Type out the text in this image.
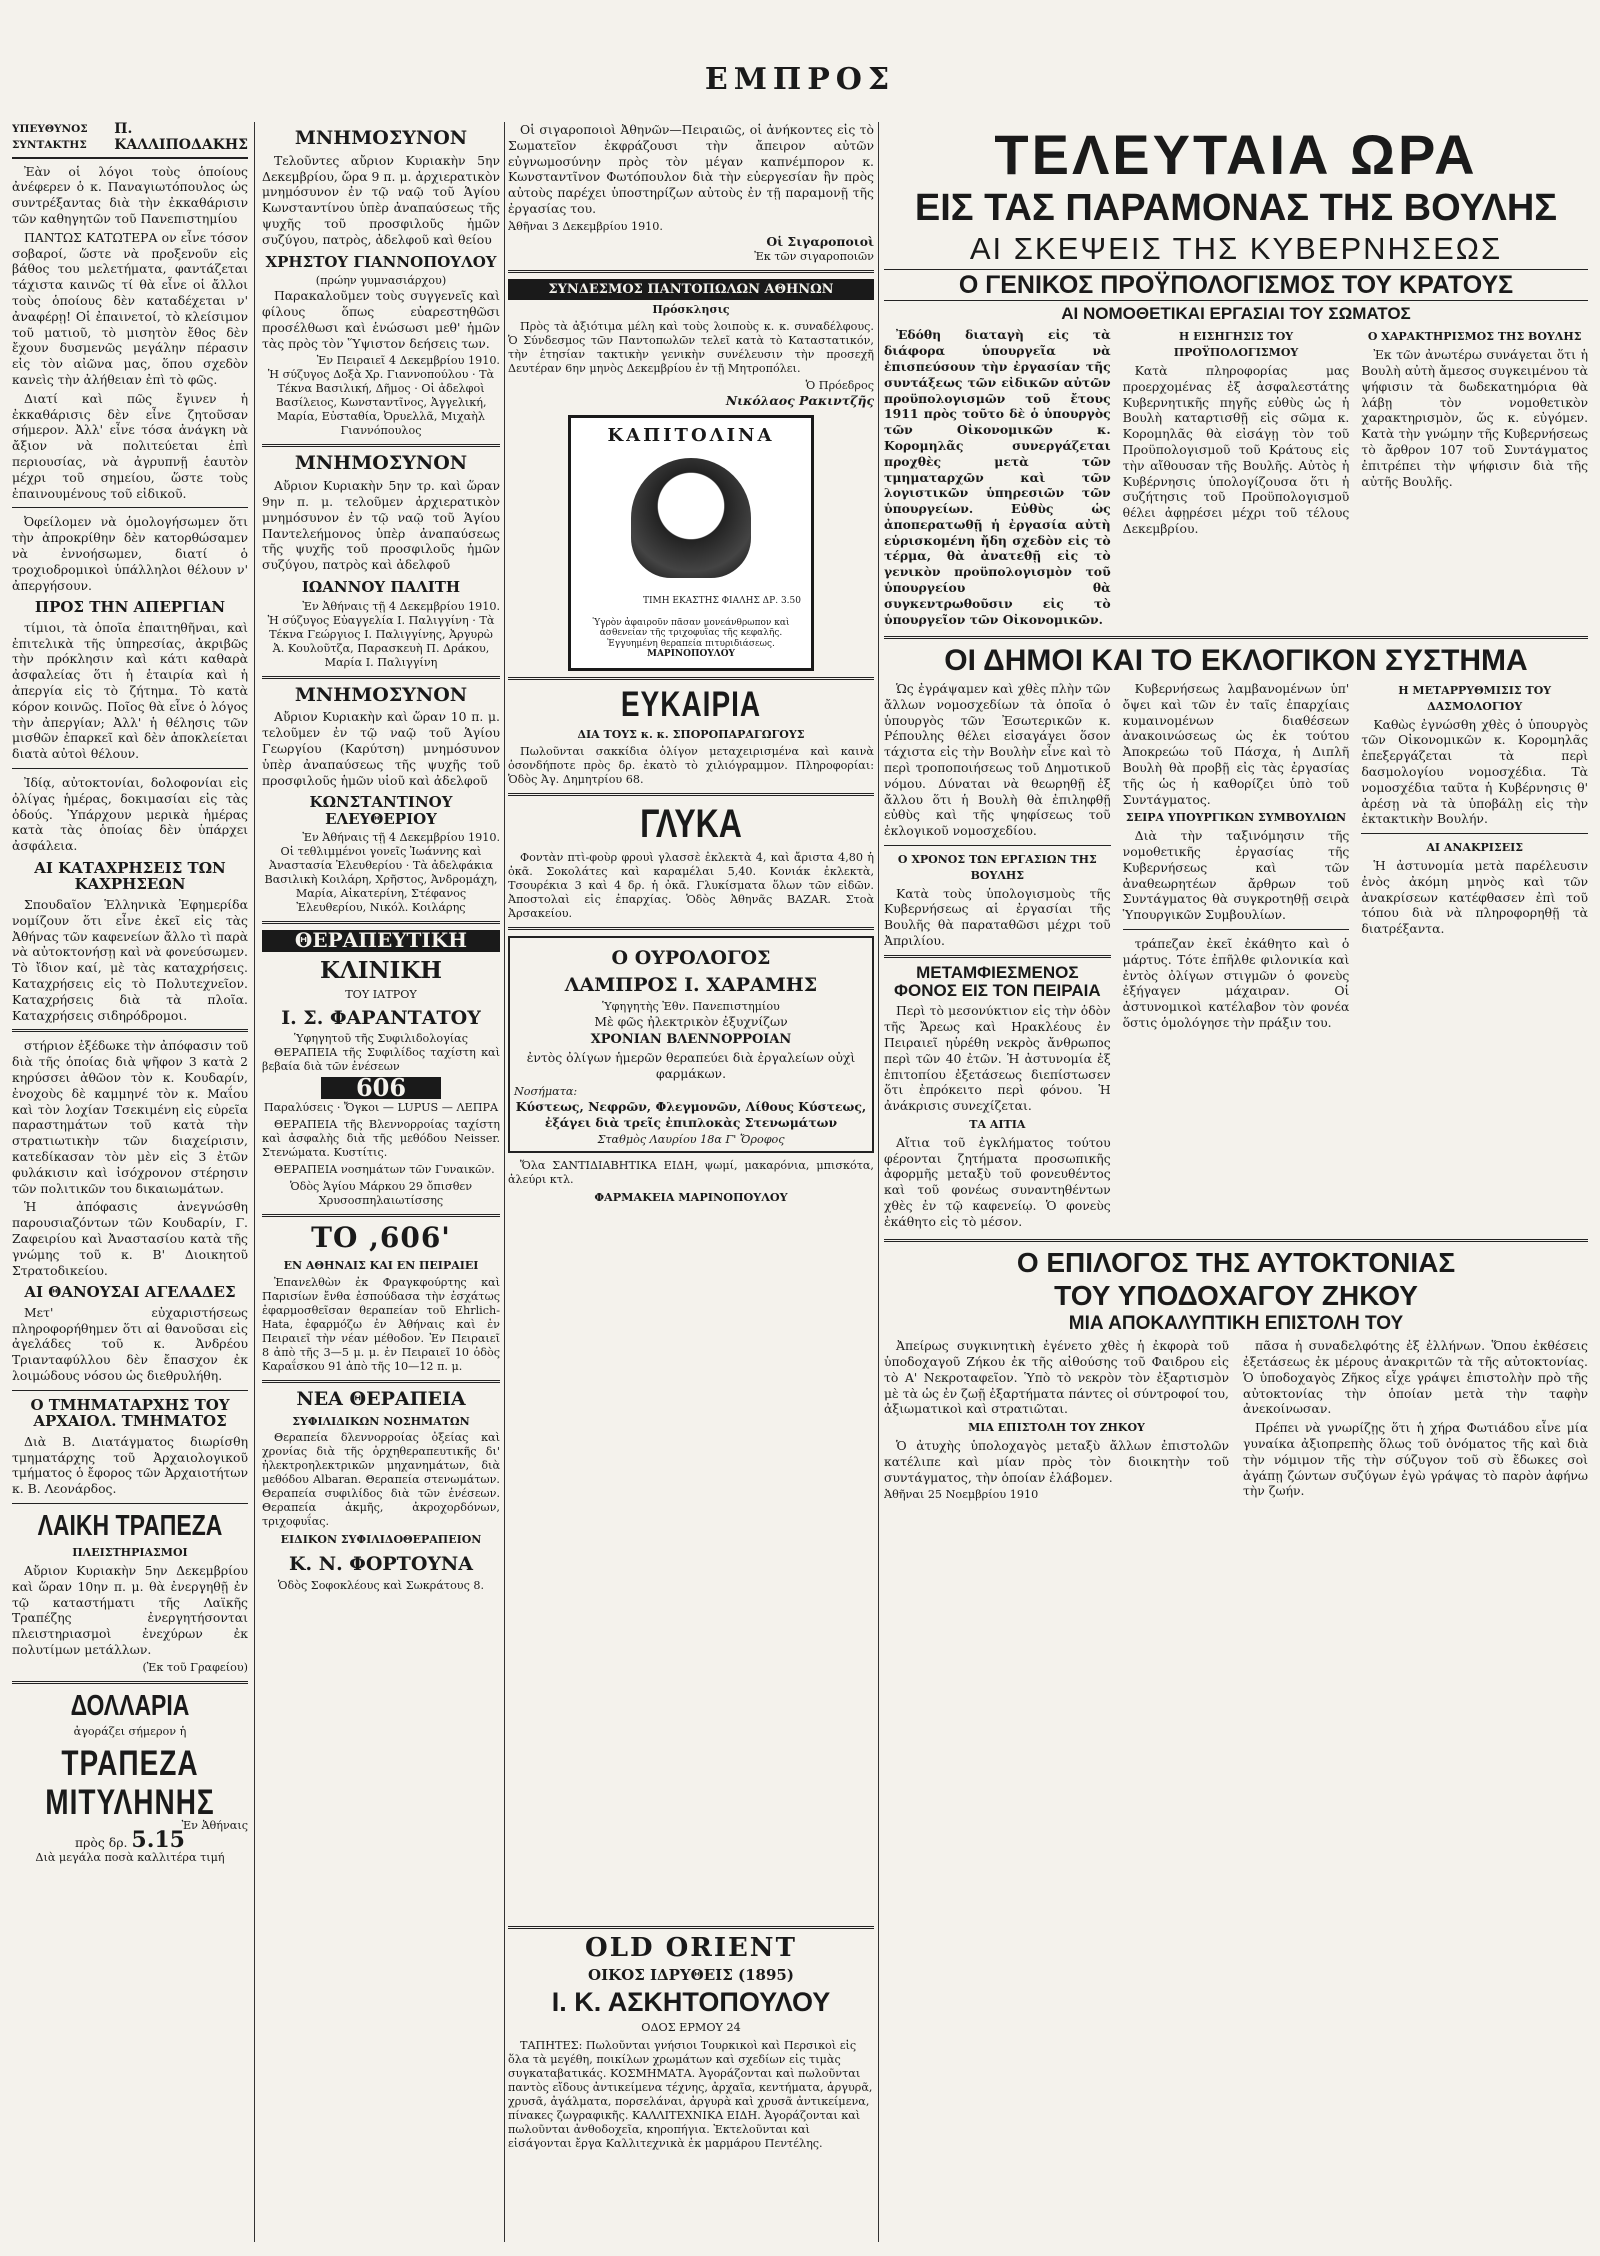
ΕΜΠΡΟΣ
ΥΠΕΥΘΥΝΟΣ ΣΥΝΤΑΚΤΗΣ
Π. ΚΑΛΛΙΠΟΔΑΚΗΣ

Ἐὰν οἱ λόγοι τοὺς ὁποίους ἀνέφερεν ὁ κ. Παναγιωτόπουλος ὡς συντρέξαντας διὰ τὴν ἐκκαθάρισιν τῶν καθηγητῶν τοῦ Πανεπιστημίου

ΠΑΝΤΩΣ ΚΑΤΩΤΕΡΑ ον εἶνε τόσον σοβαροί, ὥστε νὰ προξενοῦν εἰς βάθος του μελετήματα, φαντάζεται τάχιστα καινῶς τί θὰ εἶνε οἱ ἄλλοι τοὺς ὁποίους δὲν καταδέχεται ν' ἀναφέρῃ! Οἱ ἐπαινετοί, τὸ κλείσιμον τοῦ ματιοῦ, τὸ μισητὸν ἔθος δὲν ἔχουν δυσμενῶς μεγάλην πέρασιν εἰς τὸν αἰῶνα μας, ὅπου σχεδὸν κανεὶς τὴν ἀλήθειαν ἐπὶ τὸ φῶς.

Διατί καὶ πῶς ἔγινεν ἡ ἐκκαθάρισις δὲν εἶνε ζητοῦσαν σήμερον. Ἀλλ' εἶνε τόσα ἀνάγκη νὰ ἄξιον νὰ πολιτεύεται ἐπὶ περιουσίας, νὰ ἀγρυπνῇ ἑαυτὸν μέχρι τοῦ σημείου, ὥστε τοὺς ἐπαινουμένους τοῦ εἰδικοῦ.

Ὀφείλομεν νὰ ὁμολογήσωμεν ὅτι τὴν ἀπροκρίθην δὲν κατορθώσαμεν νὰ ἐννοήσωμεν, διατί ὁ τροχιοδρομικοὶ ὑπάλληλοι θέλουν ν' ἀπεργήσουν.

ΠΡΟΣ ΤΗΝ ΑΠΕΡΓΙΑΝ

τίμιοι, τὰ ὁποῖα ἐπαιτηθῆναι, καὶ ἐπιτελικὰ τῆς ὑπηρεσίας, ἀκριβῶς τὴν πρόκλησιν καὶ κάτι καθαρὰ ἀσφαλείας ὅτι ἡ ἑταιρία καὶ ἡ ἀπεργία εἰς τὸ ζήτημα. Τὸ κατὰ κόρον κοινῶς. Ποῖος θὰ εἶνε ὁ λόγος τὴν ἀπεργίαν; Ἀλλ' ἡ θέλησις τῶν μισθῶν ἐπαρκεῖ καὶ δὲν ἀποκλείεται διατὰ αὐτοὶ θέλουν.

Ἰδίᾳ, αὐτοκτονίαι, δολοφονίαι εἰς ὀλίγας ἡμέρας, δοκιμασίαι εἰς τὰς ὁδούς. Ὑπάρχουν μερικὰ ἡμέρας κατὰ τὰς ὁποίας δὲν ὑπάρχει ἀσφάλεια.

ΑΙ ΚΑΤΑΧΡΗΣΕΙΣ ΤΩΝ ΚΑΧΡΗΣΕΩΝ

Σπουδαῖον Ἑλληνικὰ Ἐφημερίδα νομίζουν ὅτι εἶνε ἐκεῖ εἰς τὰς Ἀθήνας τῶν καφενείων ἄλλο τὶ παρὰ νὰ αὐτοκτονήσῃ καὶ νὰ φονεύσωμεν. Τὸ ἴδιον καί, μὲ τὰς καταχρήσεις. Καταχρήσεις εἰς τὸ Πολυτεχνεῖον. Καταχρήσεις διὰ τὰ πλοῖα. Καταχρήσεις σιδηρόδρομοι.

στήριον ἐξέδωκε τὴν ἀπόφασιν τοῦ διὰ τῆς ὁποίας διὰ ψῆφον 3 κατὰ 2 κηρύσσει ἀθῶον τὸν κ. Κουδαρίν, ἐνοχοὺς δὲ καμμηνέ τὸν κ. Μαΐου καὶ τὸν λοχίαν Τσεκιμένη εἰς εὐρεῖα παραστημάτων τοῦ κατὰ τὴν στρατιωτικὴν τῶν διαχείρισιν, κατεδίκασαν τὸν μὲν εἰς 3 ἐτῶν φυλάκισιν καὶ ἰσόχρονον στέρησιν τῶν πολιτικῶν του δικαιωμάτων.

Ἡ ἀπόφασις ἀνεγνώσθη παρουσιαζόντων τῶν Κουδαρίν, Γ. Ζαφειρίου καὶ Ἀναστασίου κατὰ τῆς γνώμης τοῦ κ. Β' Διοικητοῦ Στρατοδικείου.

ΑΙ ΘΑΝΟΥΣΑΙ ΑΓΕΛΑΔΕΣ

Μετ' εὐχαριστήσεως πληροφορήθημεν ὅτι αἱ θανοῦσαι εἰς ἀγελάδες τοῦ κ. Ἀνδρέου Τριανταφύλλου δὲν ἔπασχον ἐκ λοιμώδους νόσου ὡς διεθρυλήθη.

Ο ΤΜΗΜΑΤΑΡΧΗΣ ΤΟΥ ΑΡΧΑΙΟΛ. ΤΜΗΜΑΤΟΣ

Διὰ Β. Διατάγματος διωρίσθη τμηματάρχης τοῦ Ἀρχαιολογικοῦ τμήματος ὁ ἔφορος τῶν Ἀρχαιοτήτων κ. Β. Λεονάρδος.

ΛΑΙΚΗ ΤΡΑΠΕΖΑ
ΠΛΕΙΣΤΗΡΙΑΣΜΟΙ

Αὔριον Κυριακὴν 5ην Δεκεμβρίου καὶ ὥραν 10ην π. μ. θὰ ἐνεργηθῇ ἐν τῷ καταστήματι τῆς Λαϊκῆς Τραπέζης ἐνεργητήσονται πλειστηριασμοὶ ἐνεχύρων ἐκ πολυτίμων μετάλλων.

(Ἐκ τοῦ Γραφείου)
ΔΟΛΛΑΡΙΑ
ἀγοράζει σήμερον ἡ
ΤΡΑΠΕΖΑ ΜΙΤΥΛΗΝΗΣ
Ἐν Ἀθήναις
πρὸς δρ. 5.15
Διὰ μεγάλα ποσὰ καλλιτέρα τιμή
ΜΝΗΜΟΣΥΝΟΝ

Τελοῦντες αὔριον Κυριακὴν 5ην Δεκεμβρίου, ὥρα 9 π. μ. ἀρχιερατικὸν μνημόσυνον ἐν τῷ ναῷ τοῦ Ἁγίου Κωνσταντίνου ὑπὲρ ἀναπαύσεως τῆς ψυχῆς τοῦ προσφιλοῦς ἡμῶν συζύγου, πατρὸς, ἀδελφοῦ καὶ θείου

ΧΡΗΣΤΟΥ ΓΙΑΝΝΟΠΟΥΛΟΥ
(πρώην γυμνασιάρχου)

Παρακαλοῦμεν τοὺς συγγενεῖς καὶ φίλους ὅπως εὐαρεστηθῶσι προσέλθωσι καὶ ἑνώσωσι μεθ' ἡμῶν τὰς πρὸς τὸν Ὕψιστον δεήσεις των.

Ἐν Πειραιεῖ 4 Δεκεμβρίου 1910.

Ἡ σύζυγος Δοξὰ Χρ. Γιαννοπούλου · Τὰ Τέκνα Βασιλική, Δῆμος · Οἱ ἀδελφοὶ Βασίλειος, Κωνσταντῖνος, Ἀγγελική, Μαρία, Εὐσταθία, Ὀρυελλᾶ, Μιχαὴλ Γιαννόπουλος

ΜΝΗΜΟΣΥΝΟΝ

Αὔριον Κυριακὴν 5ην τρ. καὶ ὥραν 9ην π. μ. τελοῦμεν ἀρχιερατικὸν μνημόσυνον ἐν τῷ ναῷ τοῦ Ἁγίου Παντελεήμονος ὑπὲρ ἀναπαύσεως τῆς ψυχῆς τοῦ προσφιλοῦς ἡμῶν συζύγου, πατρὸς καὶ ἀδελφοῦ

ΙΩΑΝΝΟΥ ΠΑΛΙΤΗ
Ἐν Ἀθήναις τῇ 4 Δεκεμβρίου 1910.

Ἡ σύζυγος Εὐαγγελία Ι. Παλιγγίνη · Τὰ Τέκνα Γεώργιος Ι. Παλιγγίνης, Ἀργυρὼ Ἀ. Κουλοῦτζα, Παρασκευὴ Π. Δράκου, Μαρία Ι. Παλιγγίνη

ΜΝΗΜΟΣΥΝΟΝ

Αὔριον Κυριακὴν καὶ ὥραν 10 π. μ. τελοῦμεν ἐν τῷ ναῷ τοῦ Ἁγίου Γεωργίου (Καρύτση) μνημόσυνον ὑπὲρ ἀναπαύσεως τῆς ψυχῆς τοῦ προσφιλοῦς ἡμῶν υἱοῦ καὶ ἀδελφοῦ

ΚΩΝΣΤΑΝΤΙΝΟΥ ΕΛΕΥΘΕΡΙΟΥ
Ἐν Ἀθήναις τῇ 4 Δεκεμβρίου 1910.

Οἱ τεθλιμμένοι γονεῖς Ἰωάννης καὶ Ἀναστασία Ἐλευθερίου · Τὰ ἀδελφάκια Βασιλικὴ Κοιλάρη, Χρῆστος, Ἀνδρομάχη, Μαρία, Αἰκατερίνη, Στέφανος Ἐλευθερίου, Νικόλ. Κοιλάρης

ΘΕΡΑΠΕΥΤΙΚΗ
ΚΛΙΝΙΚΗ
ΤΟΥ ΙΑΤΡΟΥ
Ι. Σ. ΦΑΡΑΝΤΑΤΟΥ
Ὑφηγητοῦ τῆς Συφιλιδολογίας

ΘΕΡΑΠΕΙΑ τῆς Συφιλίδος ταχίστη καὶ βεβαία διὰ τῶν ἐνέσεων

606

Παραλύσεις · Ὄγκοι — LUPUS — ΛΕΠΡΑ

ΘΕΡΑΠΕΙΑ τῆς Βλεννορροίας ταχίστη καὶ ἀσφαλὴς διὰ τῆς μεθόδου Neisser. Στενώματα. Κυστίτις.

ΘΕΡΑΠΕΙΑ νοσημάτων τῶν Γυναικῶν.

Ὁδὸς Ἁγίου Μάρκου 29 ὄπισθεν Χρυσοσπηλαιωτίσσης

ΤΟ ,606'
ΕΝ ΑΘΗΝΑΙΣ ΚΑΙ ΕΝ ΠΕΙΡΑΙΕΙ

Ἐπανελθὼν ἐκ Φραγκφούρτης καὶ Παρισίων ἔνθα ἐσπούδασα τὴν ἐσχάτως ἐφαρμοσθεῖσαν θεραπείαν τοῦ Ehrlich-Hata, ἐφαρμόζω ἐν Ἀθήναις καὶ ἐν Πειραιεῖ τὴν νέαν μέθοδον. Ἐν Πειραιεῖ 8 ἀπὸ τῆς 3—5 μ. μ. ἐν Πειραιεῖ 10 ὁδὸς Καραΐσκου 91 ἀπὸ τῆς 10—12 π. μ.

ΝΕΑ ΘΕΡΑΠΕΙΑ
ΣΥΦΙΛΙΔΙΚΩΝ ΝΟΣΗΜΑΤΩΝ

Θεραπεία δλεννορροίας ὀξείας καὶ χρονίας διὰ τῆς ὀρχηθεραπευτικῆς δι' ἠλεκτροηλεκτρικῶν μηχανημάτων, διὰ μεθόδου Albaran. Θεραπεία στενωμάτων. Θεραπεία συφιλίδος διὰ τῶν ἐνέσεων. Θεραπεία ἀκμῆς, ἀκροχορδόνων, τριχοφυΐας.

ΕΙΔΙΚΟΝ ΣΥΦΙΛΙΔΟΘΕΡΑΠΕΙΟΝ
Κ. Ν. ΦΟΡΤΟΥΝΑ
Ὁδὸς Σοφοκλέους καὶ Σωκράτους 8.

Οἱ σιγαροποιοὶ Ἀθηνῶν—Πειραιῶς, οἱ ἀνήκοντες εἰς τὸ Σωματεῖον ἐκφράζουσι τὴν ἄπειρον αὐτῶν εὐγνωμοσύνην πρὸς τὸν μέγαν καπνέμπορον κ. Κωνσταντῖνον Φωτόπουλον διὰ τὴν εὐεργεσίαν ἣν πρὸς αὐτοὺς παρέχει ὑποστηρίζων αὐτοὺς ἐν τῇ παραμονῇ τῆς ἐργασίας του.

Ἀθῆναι 3 Δεκεμβρίου 1910.
Οἱ Σιγαροποιοὶ
Ἐκ τῶν σιγαροποιῶν
ΣΥΝΔΕΣΜΟΣ ΠΑΝΤΟΠΩΛΩΝ ΑΘΗΝΩΝ
Πρόσκλησις

Πρὸς τὰ ἀξιότιμα μέλη καὶ τοὺς λοιποὺς κ. κ. συναδέλφους. Ὁ Σύνδεσμος τῶν Παντοπωλῶν τελεῖ κατὰ τὸ Καταστατικόν, τὴν ἐτησίαν τακτικὴν γενικὴν συνέλευσιν τὴν προσεχῆ Δευτέραν 6ην μηνὸς Δεκεμβρίου ἐν τῇ Μητροπόλει.

Ὁ Πρόεδρος
Νικόλαος Ρακιντζῆς
ΚΑΠΙΤΟΛΙΝΑ
ΤΙΜΗ ΕΚΑΣΤΗΣ ΦΙΑΛΗΣ ΔΡ. 3.50
Ὑγρὸν ἀφαιροῦν πᾶσαν μονεάνθρωπον καὶ ἀσθενείαν τῆς τριχοφυΐας τῆς κεφαλῆς. Ἐγγυημένη θεραπεία πιτυριδιάσεως.
ΜΑΡΙΝΟΠΟΥΛΟΥ
ΕΥΚΑΙΡΙΑ
ΔΙΑ ΤΟΥΣ κ. κ. ΣΠΟΡΟΠΑΡΑΓΩΓΟΥΣ

Πωλοῦνται σακκίδια ὀλίγον μεταχειρισμένα καὶ καινὰ ὁσονδήποτε πρὸς δρ. ἑκατὸ τὸ χιλιόγραμμον. Πληροφορίαι: Ὁδὸς Ἀγ. Δημητρίου 68.

ΓΛΥΚΑ

Φοντὰν πτὶ-φοὺρ φρουὶ γλασσὲ ἐκλεκτὰ 4, καὶ ἄριστα 4,80 ἡ ὀκᾶ. Σοκολάτες καὶ καραμέλαι 5,40. Κονιάκ ἐκλεκτὰ, Τσουρέκια 3 καὶ 4 δρ. ἡ ὀκᾶ. Γλυκίσματα ὅλων τῶν εἰδῶν. Ἀποστολαὶ εἰς ἐπαρχίας. Ὁδὸς Ἀθηνᾶς BAZAR. Στοὰ Ἀρσακείου.

Ο ΟΥΡΟΛΟΓΟΣ
ΛΑΜΠΡΟΣ Ι. ΧΑΡΑΜΗΣ
Ὑφηγητὴς Ἐθν. Πανεπιστημίου

Μὲ φῶς ἠλεκτρικὸν ἐξυχνίζων

ΧΡΟΝΙΑΝ ΒΛΕΝΝΟΡΡΟΙΑΝ

ἐντὸς ὀλίγων ἡμερῶν θεραπεύει διὰ ἐργαλείων οὐχὶ φαρμάκων.

Νοσήματα:

Κύστεως, Νεφρῶν, Φλεγμονῶν, Λίθους Κύστεως, ἐξάγει διὰ τρεῖς ἐπιπλοκὰς Στενωμάτων

Σταθμὸς Λαυρίου 18α Γ' Ὄροφος

Ὅλα ΣΑΝΤΙΔΙΑΒΗΤΙΚΑ ΕΙΔΗ, ψωμί, μακαρόνια, μπισκότα, ἀλεύρι κτλ.

ΦΑΡΜΑΚΕΙΑ ΜΑΡΙΝΟΠΟΥΛΟΥ
ΤΕΛΕΥΤΑΙΑ ΩΡΑ
ΕΙΣ ΤΑΣ ΠΑΡΑΜΟΝΑΣ ΤΗΣ ΒΟΥΛΗΣ
ΑΙ ΣΚΕΨΕΙΣ ΤΗΣ ΚΥΒΕΡΝΗΣΕΩΣ
Ο ΓΕΝΙΚΟΣ ΠΡΟΫΠΟΛΟΓΙΣΜΟΣ ΤΟΥ ΚΡΑΤΟΥΣ
ΑΙ ΝΟΜΟΘΕΤΙΚΑΙ ΕΡΓΑΣΙΑΙ ΤΟΥ ΣΩΜΑΤΟΣ

Ἐδόθη διαταγὴ εἰς τὰ διάφορα ὑπουργεῖα νὰ ἐπισπεύσουν τὴν ἐργασίαν τῆς συντάξεως τῶν εἰδικῶν αὐτῶν προϋπολογισμῶν τοῦ ἔτους 1911 πρὸς τοῦτο δὲ ὁ ὑπουργὸς τῶν Οἰκονομικῶν κ. Κορομηλᾶς συνεργάζεται προχθὲς μετὰ τῶν τμηματαρχῶν καὶ τῶν λογιστικῶν ὑπηρεσιῶν τῶν ὑπουργείων. Εὐθὺς ὡς ἀποπερατωθῇ ἡ ἐργασία αὐτὴ εὑρισκομένη ἤδη σχεδὸν εἰς τὸ τέρμα, θὰ ἀνατεθῇ εἰς τὸ γενικὸν προϋπολογισμὸν τοῦ ὑπουργείου θὰ συγκεντρωθοῦσιν εἰς τὸ ὑπουργεῖον τῶν Οἰκονομικῶν.

Η ΕΙΣΗΓΗΣΙΣ ΤΟΥ ΠΡΟΫΠΟΛΟΓΙΣΜΟΥ

Κατὰ πληροφορίας μας προερχομένας ἐξ ἀσφαλεστάτης Κυβερνητικῆς πηγῆς εὐθὺς ὡς ἡ Βουλὴ καταρτισθῇ εἰς σῶμα κ. Κορομηλᾶς θὰ εἰσάγῃ τὸν τοῦ Προϋπολογισμοῦ τοῦ Κράτους εἰς τὴν αἴθουσαν τῆς Βουλῆς. Αὐτὸς ἡ Κυβέρνησις ὑπολογίζουσα ὅτι ἡ συζήτησις τοῦ Προϋπολογισμοῦ θέλει ἀφῃρέσει μέχρι τοῦ τέλους Δεκεμβρίου.

Ο ΧΑΡΑΚΤΗΡΙΣΜΟΣ ΤΗΣ ΒΟΥΛΗΣ

Ἐκ τῶν ἀνωτέρω συνάγεται ὅτι ἡ Βουλὴ αὐτὴ ἄμεσος συγκειμένου τὰ ψήφισιν τὰ δωδεκατημόρια θὰ λάβῃ τὸν νομοθετικὸν χαρακτηρισμὸν, ὥς κ. εὐγόμεν. Κατὰ τὴν γνώμην τῆς Κυβερνήσεως τὸ ἄρθρον 107 τοῦ Συντάγματος ἐπιτρέπει τὴν ψήφισιν διὰ τῆς αὐτῆς Βουλῆς.

ΟΙ ΔΗΜΟΙ ΚΑΙ ΤΟ ΕΚΛΟΓΙΚΟΝ ΣΥΣΤΗΜΑ

Ὡς ἐγράψαμεν καὶ χθὲς πλὴν τῶν ἄλλων νομοσχεδίων τὰ ὁποῖα ὁ ὑπουργὸς τῶν Ἐσωτερικῶν κ. Ρέπουλης θέλει εἰσαγάγει ὅσον τάχιστα εἰς τὴν Βουλὴν εἶνε καὶ τὸ περὶ τροποποιήσεως τοῦ Δημοτικοῦ νόμου. Δύναται νὰ θεωρηθῇ ἐξ ἄλλου ὅτι ἡ Βουλὴ θὰ ἐπιληφθῇ εὐθὺς καὶ τῆς ψηφίσεως τοῦ ἐκλογικοῦ νομοσχεδίου.

Ο ΧΡΟΝΟΣ ΤΩΝ ΕΡΓΑΣΙΩΝ ΤΗΣ ΒΟΥΛΗΣ

Κατὰ τοὺς ὑπολογισμοὺς τῆς Κυβερνήσεως αἱ ἐργασίαι τῆς Βουλῆς θὰ παραταθῶσι μέχρι τοῦ Ἀπριλίου.

ΜΕΤΑΜΦΙΕΣΜΕΝΟΣ ΦΟΝΟΣ ΕΙΣ ΤΟΝ ΠΕΙΡΑΙΑ

Περὶ τὸ μεσονύκτιον εἰς τὴν ὁδὸν τῆς Ἄρεως καὶ Ηρακλέους ἐν Πειραιεῖ ηὑρέθη νεκρὸς ἄνθρωπος περὶ τῶν 40 ἐτῶν. Ἡ ἀστυνομία ἐξ ἐπιτοπίου ἐξετάσεως διεπίστωσεν ὅτι ἐπρόκειτο περὶ φόνου. Ἡ ἀνάκρισις συνεχίζεται.

ΤΑ ΑΙΤΙΑ

Αἴτια τοῦ ἐγκλήματος τούτου φέρονται ζητήματα προσωπικῆς ἀφορμῆς μεταξὺ τοῦ φονευθέντος καὶ τοῦ φονέως συναντηθέντων χθὲς ἐν τῷ καφενείῳ. Ὁ φονεὺς ἐκάθητο εἰς τὸ μέσον.

Κυβερνήσεως λαμβανομένων ὑπ' ὄψει καὶ τῶν ἐν ταῖς ἐπαρχίαις κυμαινομένων διαθέσεων ἀνακοινώσεως ὡς ἐκ τούτου Ἀποκρεώω τοῦ Πάσχα, ἡ Διπλῆ Βουλὴ θὰ προβῇ εἰς τὰς ἐργασίας τῆς ὡς ἡ καθορίζει ὑπὸ τοῦ Συντάγματος.

ΣΕΙΡΑ ΥΠΟΥΡΓΙΚΩΝ ΣΥΜΒΟΥΛΙΩΝ

Διὰ τὴν ταξινόμησιν τῆς νομοθετικῆς ἐργασίας τῆς Κυβερνήσεως καὶ τῶν ἀναθεωρητέων ἄρθρων τοῦ Συντάγματος θὰ συγκροτηθῇ σειρὰ Ὑπουργικῶν Συμβουλίων.

τράπεζαν ἐκεῖ ἐκάθητο καὶ ὁ μάρτυς. Τότε ἐπῆλθε φιλονικία καὶ ἐντὸς ὀλίγων στιγμῶν ὁ φονεὺς ἐξήγαγεν μάχαιραν. Οἱ ἀστυνομικοὶ κατέλαβον τὸν φονέα ὅστις ὁμολόγησε τὴν πράξιν του.

Η ΜΕΤΑΡΡΥΘΜΙΣΙΣ ΤΟΥ ΔΑΣΜΟΛΟΓΙΟΥ

Καθὼς ἐγνώσθη χθὲς ὁ ὑπουργὸς τῶν Οἰκονομικῶν κ. Κορομηλᾶς ἐπεξεργάζεται τὰ περὶ δασμολογίου νομοσχέδια. Τὰ νομοσχέδια ταῦτα ἡ Κυβέρνησις θ' ἀρέσῃ νὰ τὰ ὑποβάλῃ εἰς τὴν ἐκτακτικὴν Βουλήν.

ΑΙ ΑΝΑΚΡΙΣΕΙΣ

Ἡ ἀστυνομία μετὰ παρέλευσιν ἐνὸς ἀκόμη μηνὸς καὶ τῶν ἀνακρίσεων κατέφθασεν ἐπὶ τοῦ τόπου διὰ νὰ πληροφορηθῇ τὰ διατρέξαντα.

Ο ΕΠΙΛΟΓΟΣ ΤΗΣ ΑΥΤΟΚΤΟΝΙΑΣ
ΤΟΥ ΥΠΟΔΟΧΑΓΟΥ ΖΗΚΟΥ
ΜΙΑ ΑΠΟΚΑΛΥΠΤΙΚΗ ΕΠΙΣΤΟΛΗ ΤΟΥ

Ἀπείρως συγκινητικὴ ἐγένετο χθὲς ἡ ἐκφορὰ τοῦ ὑποδοχαγοῦ Ζήκου ἐκ τῆς αἰθούσης τοῦ Φαιδρου εἰς τὸ Α' Νεκροταφεῖον. Ὑπὸ τὸ νεκρὸν τὸν ἐξαρτισμὸν μὲ τὰ ὡς ἐν ζωῇ ἐξαρτήματα πάντες οἱ σύντροφοί του, ἀξιωματικοὶ καὶ στρατιῶται.

ΜΙΑ ΕΠΙΣΤΟΛΗ ΤΟΥ ΖΗΚΟΥ

Ὁ ἀτυχὴς ὑπολοχαγὸς μεταξὺ ἄλλων ἐπιστολῶν κατέλιπε καὶ μίαν πρὸς τὸν διοικητὴν τοῦ συντάγματος, τὴν ὁποίαν ἐλάβομεν.

Ἀθῆναι 25 Νοεμβρίου 1910

πᾶσα ἡ συναδελφότης ἐξ ἐλλήνων. Ὅπου ἐκθέσεις ἐξετάσεως ἐκ μέρους ἀνακριτῶν τὰ τῆς αὐτοκτονίας. Ὁ ὑποδοχαγὸς Ζῆκος εἶχε γράψει ἐπιστολὴν πρὸ τῆς αὐτοκτονίας τὴν ὁποίαν μετὰ τὴν ταφὴν ἀνεκοίνωσαν.

Πρέπει νὰ γνωρίζῃς ὅτι ἡ χήρα Φωτιάδου εἶνε μία γυναίκα ἀξιοπρεπὴς ὅλως τοῦ ὀνόματος τῆς καὶ διὰ τὴν νόμιμον τῆς τὴν σύζυγον τοῦ σὺ ἔδωκες σοὶ ἀγάπῃ ζώντων συζύγων ἐγὼ γράψας τὸ παρὸν ἀφήνω τὴν ζωήν.

OLD ORIENT
ΟΙΚΟΣ ΙΔΡΥΘΕΙΣ (1895)
Ι. Κ. ΑΣΚΗΤΟΠΟΥΛΟΥ
ΟΔΟΣ ΕΡΜΟΥ 24

ΤΑΠΗΤΕΣ: Πωλοῦνται γνήσιοι Τουρκικοὶ καὶ Περσικοὶ εἰς ὅλα τὰ μεγέθη, ποικίλων χρωμάτων καὶ σχεδίων εἰς τιμὰς συγκαταβατικάς. ΚΟΣΜΗΜΑΤΑ. Ἀγοράζονται καὶ πωλοῦνται παντὸς εἴδους ἀντικείμενα τέχνης, ἀρχαῖα, κεντήματα, ἀργυρᾶ, χρυσᾶ, ἀγάλματα, πορσελάναι, ἀργυρὰ καὶ χρυσᾶ ἀντικείμενα, πίνακες ζωγραφικῆς. ΚΑΛΛΙΤΕΧΝΙΚΑ ΕΙΔΗ. Ἀγοράζονται καὶ πωλοῦνται ἀνθοδοχεῖα, κηροπήγια. Ἐκτελοῦνται καὶ εἰσάγονται ἔργα Καλλιτεχνικὰ ἐκ μαρμάρου Πεντέλης.
